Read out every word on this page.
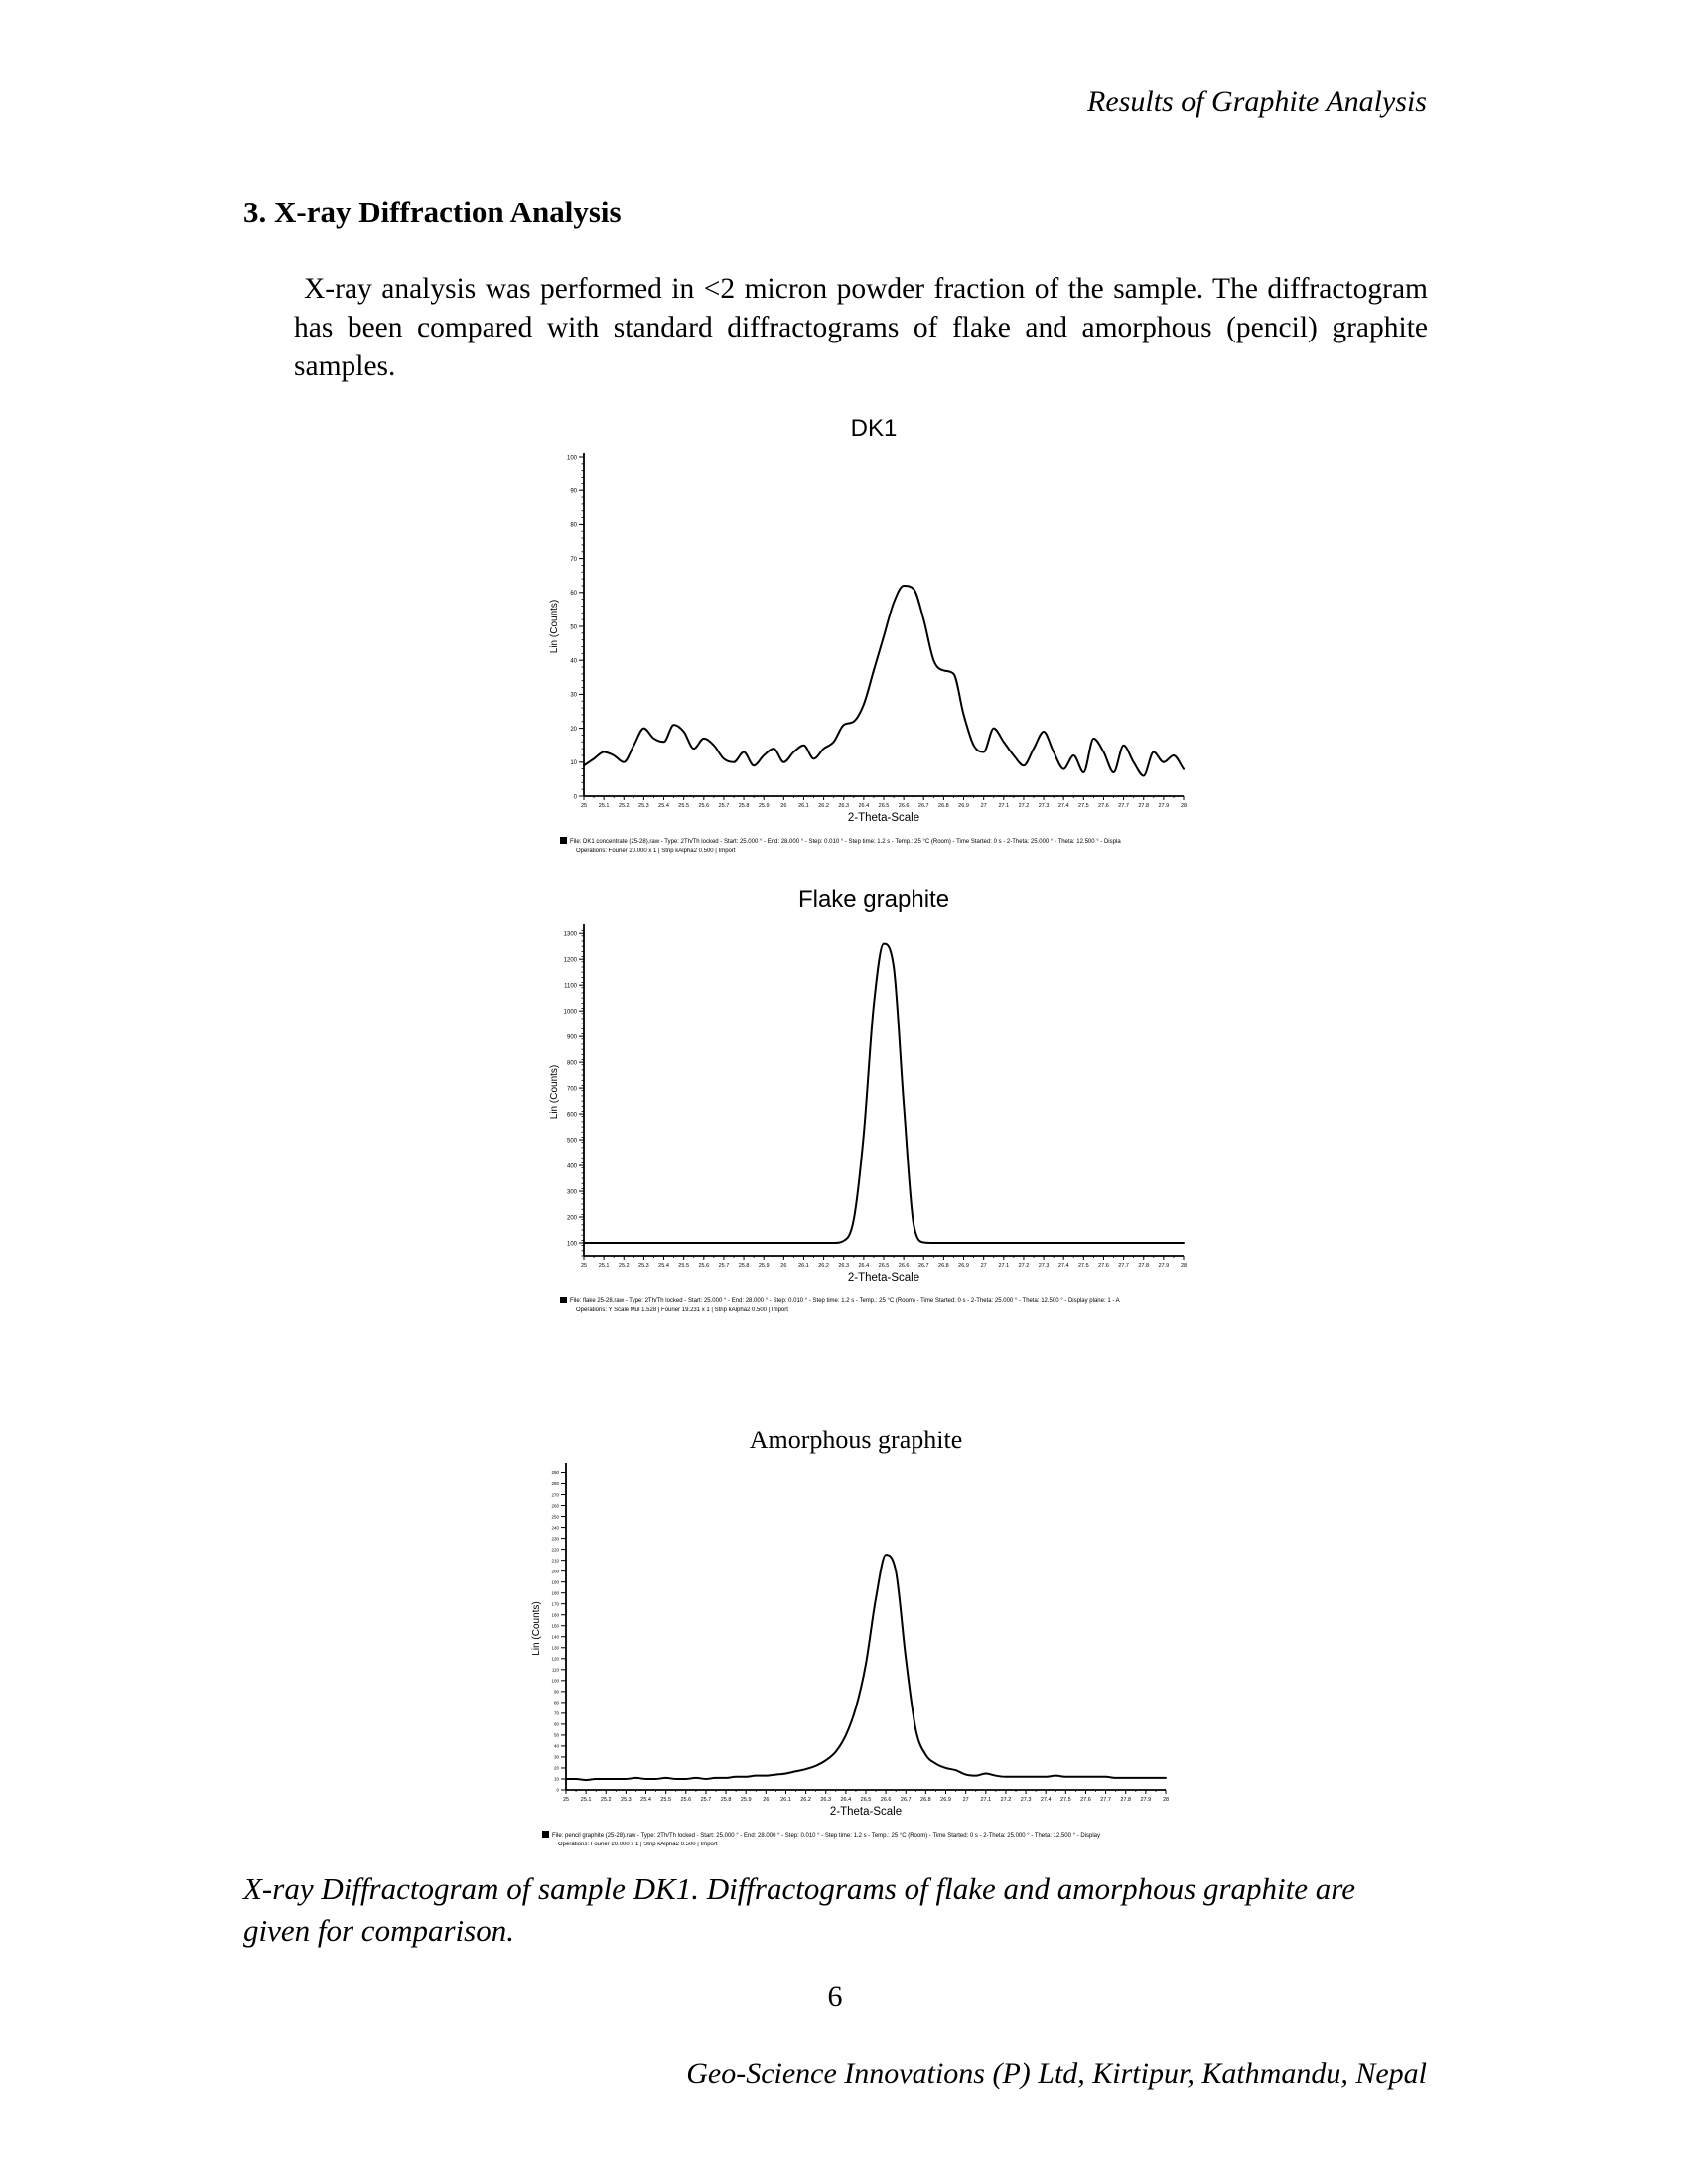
Results of Graphite Analysis
3. X-ray Diffraction Analysis

X-ray analysis was performed in <2 micron powder fraction of the sample. The diffractogram has been compared with standard diffractograms of flake and amorphous (pencil) graphite samples.

DK1
25 25.1 25.2 25.3 25.4 25.5 25.6 25.7 25.8 25.9 26 26.1 26.2 26.3 26.4 26.5 26.6 26.7 26.8 26.9 27 27.1 27.2 27.3 27.4 27.5 27.6 27.7 27.8 27.9 28
0
10
20
30
40
50
60
70
80
90
100
2-Theta-Scale
Lin (Counts)
File: DK1 concentrate (25-28).raw - Type: 2Th/Th locked - Start: 25.000 ° - End: 28.000 ° - Step: 0.010 ° - Step time: 1.2 s - Temp.: 25 °C (Room) - Time Started: 0 s - 2-Theta: 25.000 ° - Theta: 12.500 ° - Displa
Operations: Fourier 20.000 x 1 | Strip kAlpha2 0.500 | Import
Flake graphite
25 25.1 25.2 25.3 25.4 25.5 25.6 25.7 25.8 25.9 26 26.1 26.2 26.3 26.4 26.5 26.6 26.7 26.8 26.9 27 27.1 27.2 27.3 27.4 27.5 27.6 27.7 27.8 27.9 28
100
200
300
400
500
600
700
800
900
1000
1100
1200
1300
2-Theta-Scale
Lin (Counts)
File: flake 25-28.raw - Type: 2Th/Th locked - Start: 25.000 ° - End: 28.000 ° - Step: 0.010 ° - Step time: 1.2 s - Temp.: 25 °C (Room) - Time Started: 0 s - 2-Theta: 25.000 ° - Theta: 12.500 ° - Display plane: 1 - A
Operations: Y Scale Mul 1.528 | Fourier 19.231 x 1 | Strip kAlpha2 0.500 | Import
Amorphous graphite
25 25.1 25.2 25.3 25.4 25.5 25.6 25.7 25.8 25.9 26 26.1 26.2 26.3 26.4 26.5 26.6 26.7 26.8 26.9 27 27.1 27.2 27.3 27.4 27.5 27.6 27.7 27.8 27.9 28
0
10
20
30
40
50
60
70
80
90
100
110
120
130
140
150
160
170
180
190
200
210
220
230
240
250
260
270
280
290
2-Theta-Scale
Lin (Counts)
File: pencil graphite (25-28).raw - Type: 2Th/Th locked - Start: 25.000 ° - End: 28.000 ° - Step: 0.010 ° - Step time: 1.2 s - Temp.: 25 °C (Room) - Time Started: 0 s - 2-Theta: 25.000 ° - Theta: 12.500 ° - Display
Operations: Fourier 20.000 x 1 | Strip kAlpha2 0.500 | Import

X-ray Diffractogram of sample DK1. Diffractograms of flake and amorphous graphite are given for comparison.

6
Geo-Science Innovations (P) Ltd, Kirtipur, Kathmandu, Nepal
